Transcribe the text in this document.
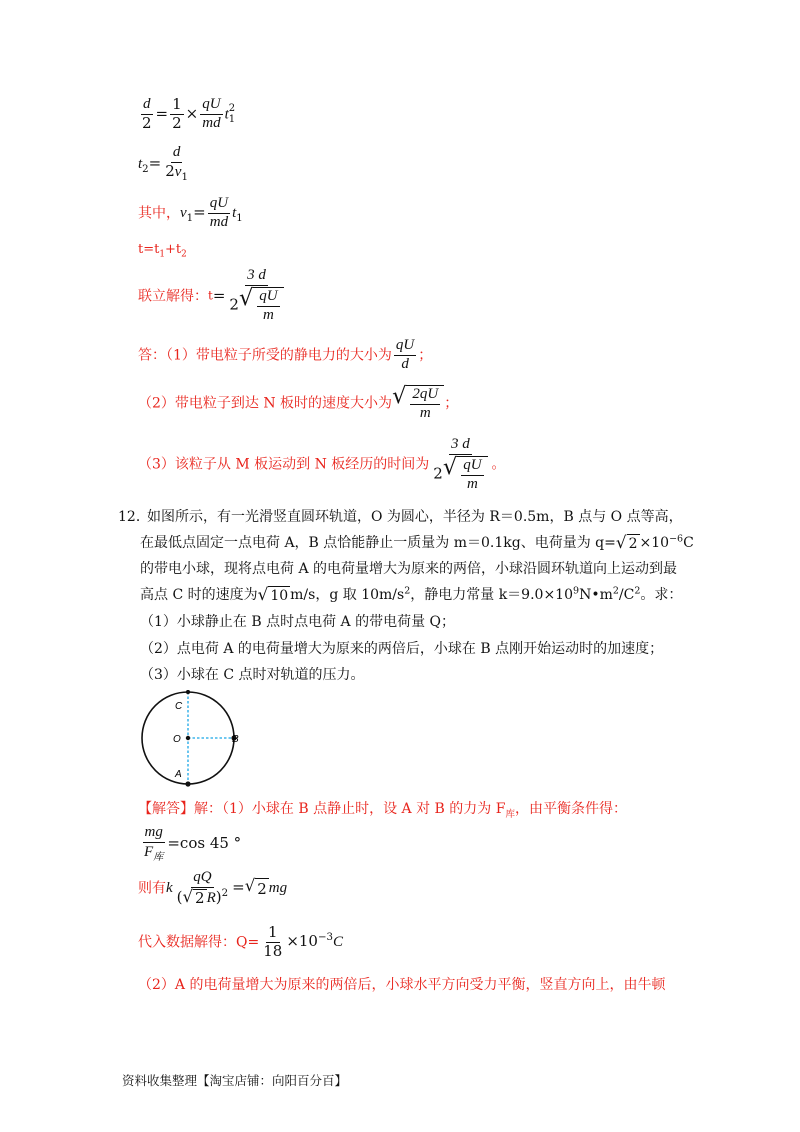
$\frac{d}{2} = \frac{1}{2} \times \frac{qU}{md}$ t 2
1
$t_2= \frac{d}{2v_1}$
其中，$v_1= \frac{qU}{md} t_1$
$t=t_1+t_2$
联立解得：$t= \frac{3 d}{2 √ \frac{qU}{m}}$
答：（1）带电粒子所受的静电力的大小为 $\frac{qU}{d}$ ；
（2）带电粒子到达 N 板时的速度大小为 √ $\frac{2qU}{m}$ ；
（3）该粒子从 M 板运动到 N 板经历的时间为 $\frac{3 d}{2 √ \frac{qU}{m}}$ 。
12．
如图所示，有一光滑竖直圆环轨道，O 为圆心，半径为 R＝0.5m，B 点与 O 点等高，
在最低点固定一点电荷 A，B 点恰能静止一质量为 m＝0.1kg、电荷量为 q= √ $2 \times 10^{-6}C$
的带电小球，现将点电荷 A 的电荷量增大为原来的两倍，小球沿圆环轨道向上运动到最
高点 C 时的速度为 √ 10 m/s，g 取 $10m/s^2$，静电力常量 $k=9.0\times 10^9N•m^2/C^2$。求：
（1）小球静止在 B 点时点电荷 A 的带电荷量 Q；
（2）点电荷 A 的电荷量增大为原来的两倍后，小球在 B 点刚开始运动时的加速度；
（3）小球在 C 点时对轨道的压力。
C
O	B
A
【解答】解：（1）小球在 B 点静止时，设 A 对 B 的力为 $F_库$，由平衡条件得：
$\frac{mg}{F_库} =\cos$ 45 °
则有k $\frac{qQ}{( √ 2 R)^2}$ = √ 2 mg
代入数据解得：$Q= \frac{1}{18} \times 10^{-3}C$
（2）A 的电荷量增大为原来的两倍后，小球水平方向受力平衡，竖直方向上，由牛顿
资料收集整理【淘宝店铺：向阳百分百】
